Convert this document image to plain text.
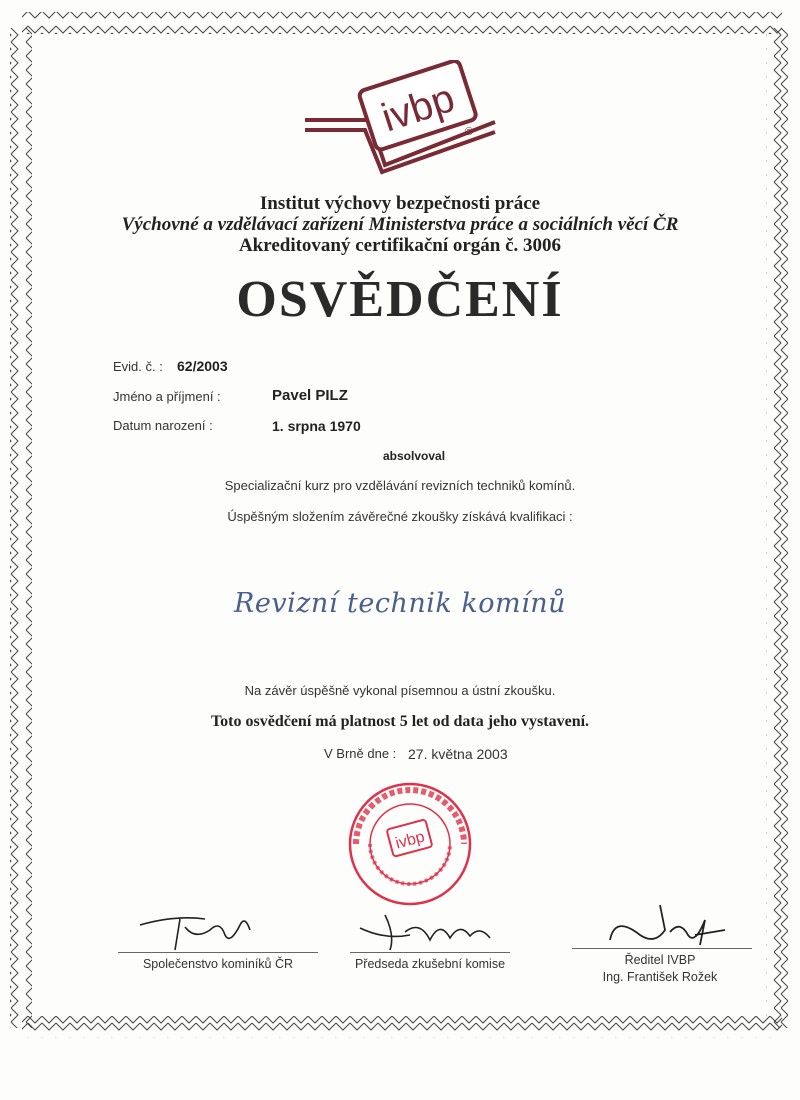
ivbp ®
Institut výchovy bezpečnosti práce
Výchovné a vzdělávací zařízení Ministerstva práce a sociálních věcí ČR
Akreditovaný certifikační orgán č. 3006
OSVĚDČENÍ
Evid. č. : 62/2003
Jméno a příjmení :	Pavel PILZ
Datum narození :	1. srpna 1970
absolvoval
Specializační kurz pro vzdělávání revizních techniků komínů.
Úspěšným složením závěrečné zkoušky získává kvalifikaci :
Revizní technik komínů
Na závěr úspěšně vykonal písemnou a ústní zkoušku.
Toto osvědčení má platnost 5 let od data jeho vystavení.
V Brně dne : 27. května 2003
ivbp
Společenstvo kominíků ČR	Předseda zkušební komise	Ředitel IVBP
Ing. František Rožek
